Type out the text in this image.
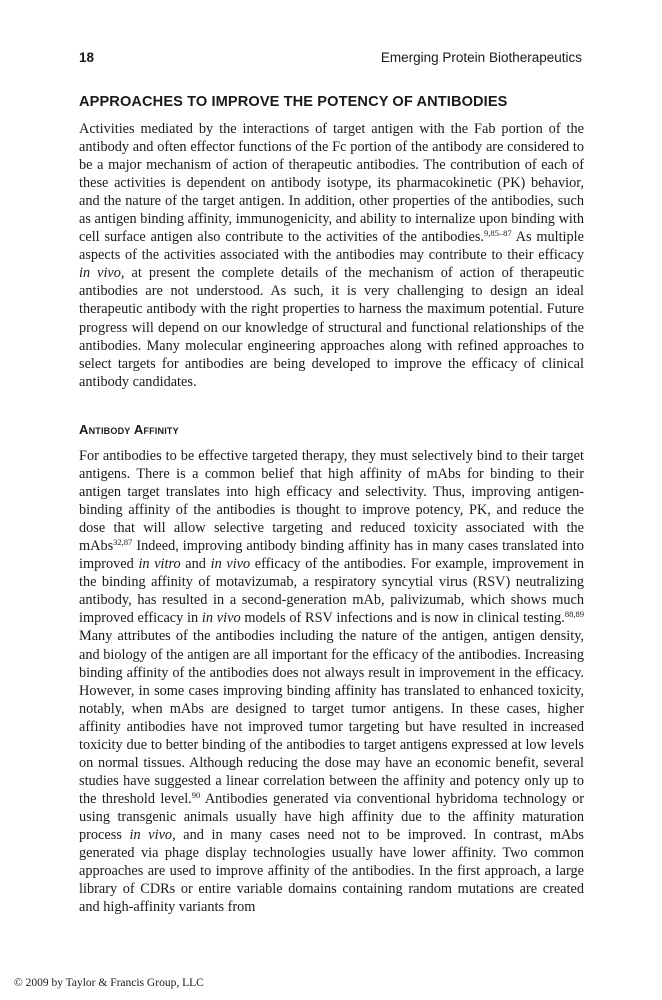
18	Emerging Protein Biotherapeutics
APPROACHES TO IMPROVE THE POTENCY OF ANTIBODIES

Activities mediated by the interactions of target antigen with the Fab portion of the antibody and often effector functions of the Fc portion of the antibody are considered to be a major mechanism of action of therapeutic antibodies. The contribution of each of these activities is dependent on antibody isotype, its pharmacokinetic (PK) behavior, and the nature of the target antigen. In addition, other properties of the antibodies, such as antigen binding affinity, immunogenicity, and ability to internalize upon binding with cell surface antigen also contribute to the activities of the antibodies.$^{9,85-87}$ As multiple aspects of the activities associated with the antibodies may contribute to their efficacy in vivo, at present the complete details of the mechanism of action of therapeutic antibodies are not understood. As such, it is very challenging to design an ideal therapeutic antibody with the right properties to harness the maximum potential. Future progress will depend on our knowledge of structural and functional relationships of the antibodies. Many molecular engineering approaches along with refined approaches to select targets for antibodies are being developed to improve the efficacy of clinical antibody candidates.

Antibody Affinity

For antibodies to be effective targeted therapy, they must selectively bind to their target antigens. There is a common belief that high affinity of mAbs for binding to their antigen target translates into high efficacy and selectivity. Thus, improving antigen-binding affinity of the antibodies is thought to improve potency, PK, and reduce the dose that will allow selective targeting and reduced toxicity associated with the mAbs$^{32,87}$ Indeed, improving antibody binding affinity has in many cases translated into improved in vitro and in vivo efficacy of the antibodies. For example, improvement in the binding affinity of motavizumab, a respiratory syncytial virus (RSV) neutralizing antibody, has resulted in a second-generation mAb, palivizumab, which shows much improved efficacy in in vivo models of RSV infections and is now in clinical testing.$^{88,89}$ Many attributes of the antibodies including the nature of the antigen, antigen density, and biology of the antigen are all important for the efficacy of the antibodies. Increasing binding affinity of the antibodies does not always result in improvement in the efficacy. However, in some cases improving binding affinity has translated to enhanced toxicity, notably, when mAbs are designed to target tumor antigens. In these cases, higher affinity antibodies have not improved tumor targeting but have resulted in increased toxicity due to better binding of the antibodies to target antigens expressed at low levels on normal tissues. Although reducing the dose may have an economic benefit, several studies have suggested a linear correlation between the affinity and potency only up to the threshold level.$^{90}$ Antibodies generated via conventional hybridoma technology or using transgenic animals usually have high affinity due to the affinity maturation process in vivo, and in many cases need not to be improved. In contrast, mAbs generated via phage display technologies usually have lower affinity. Two common approaches are used to improve affinity of the antibodies. In the first approach, a large library of CDRs or entire variable domains containing random mutations are created and high-affinity variants from

© 2009 by Taylor & Francis Group, LLC
